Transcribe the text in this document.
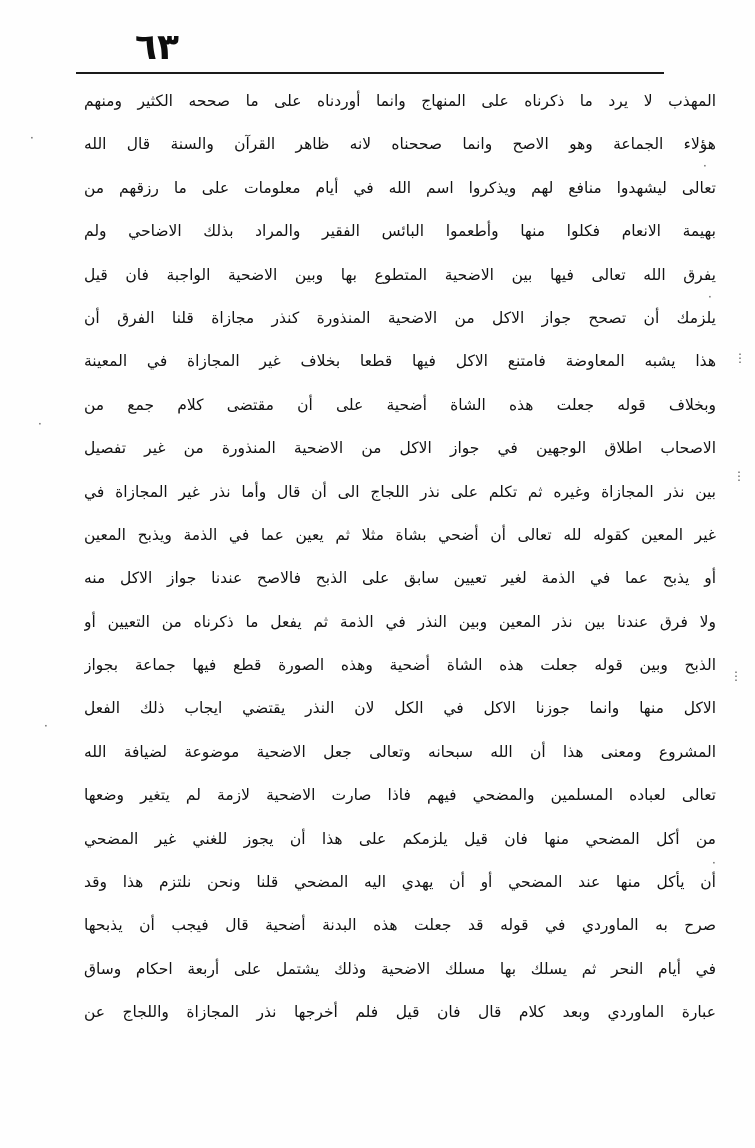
٦٣
المهذب لا يرد ما ذكرناه على المنهاج وانما أوردناه على ما صححه الكثير ومنهم
هؤلاء الجماعة وهو الاصح وانما صححناه لانه ظاهر القرآن والسنة قال الله
تعالى ليشهدوا منافع لهم ويذكروا اسم الله في أيام معلومات على ما رزقهم من
بهيمة الانعام فكلوا منها وأطعموا البائس الفقير والمراد بذلك الاضاحي ولم
يفرق الله تعالى فيها بين الاضحية المتطوع بها وبين الاضحية الواجبة فان قيل
يلزمك أن تصحح جواز الاكل من الاضحية المنذورة كنذر مجازاة قلنا الفرق أن
هذا يشبه المعاوضة فامتنع الاكل فيها قطعا بخلاف غير المجازاة في المعينة
وبخلاف قوله جعلت هذه الشاة أضحية على أن مقتضى كلام جمع من
الاصحاب اطلاق الوجهين في جواز الاكل من الاضحية المنذورة من غير تفصيل
بين نذر المجازاة وغيره ثم تكلم على نذر اللجاج الى أن قال وأما نذر غير المجازاة في
غير المعين كقوله لله تعالى أن أضحي بشاة مثلا ثم يعين عما في الذمة ويذبح المعين
أو يذبح عما في الذمة لغير تعيين سابق على الذبح فالاصح عندنا جواز الاكل منه
ولا فرق عندنا بين نذر المعين وبين النذر في الذمة ثم يفعل ما ذكرناه من التعيين أو
الذبح وبين قوله جعلت هذه الشاة أضحية وهذه الصورة قطع فيها جماعة بجواز
الاكل منها وانما جوزنا الاكل في الكل لان النذر يقتضي ايجاب ذلك الفعل
المشروع ومعنى هذا أن الله سبحانه وتعالى جعل الاضحية موضوعة لضيافة الله
تعالى لعباده المسلمين والمضحي فيهم فاذا صارت الاضحية لازمة لم يتغير وضعها
من أكل المضحي منها فان قيل يلزمكم على هذا أن يجوز للغني غير المضحي
أن يأكل منها عند المضحي أو أن يهدي اليه المضحي قلنا ونحن نلتزم هذا وقد
صرح به الماوردي في قوله قد جعلت هذه البدنة أضحية قال فيجب أن يذبحها
في أيام النحر ثم يسلك بها مسلك الاضحية وذلك يشتمل على أربعة احكام وساق
عبارة الماوردي وبعد كلام قال فان قيل فلم أخرجها نذر المجازاة واللجاج عن
·
·
⋮
⋮
⋮
·
·
·
·
